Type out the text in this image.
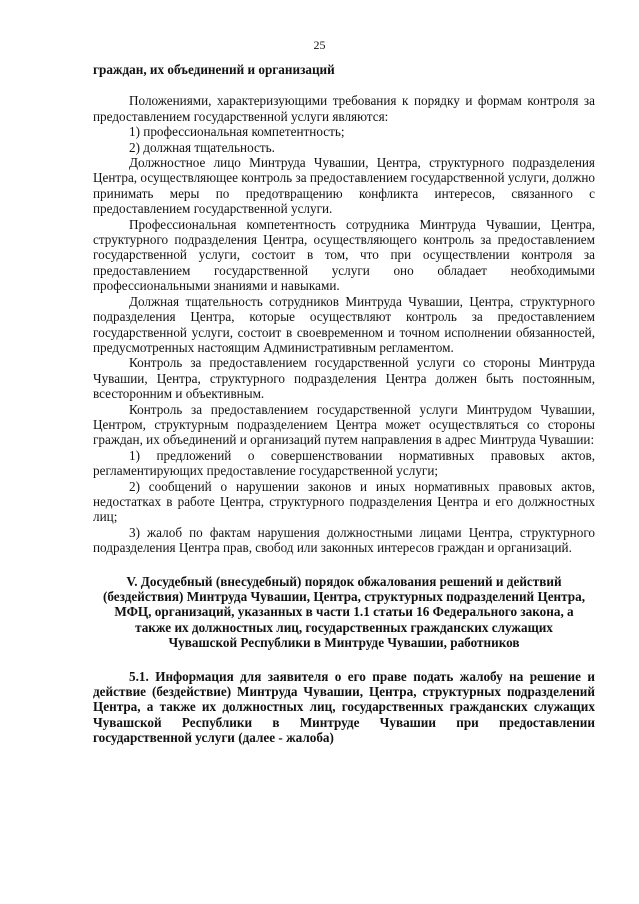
25

граждан, их объединений и организаций

Положениями, характеризующими требования к порядку и формам контроля за предоставлением государственной услуги являются:

1) профессиональная компетентность;

2) должная тщательность.

Должностное лицо Минтруда Чувашии, Центра, структурного подразделения Центра, осуществляющее контроль за предоставлением государственной услуги, должно принимать меры по предотвращению конфликта интересов, связанного с предоставлением государственной услуги.

Профессиональная компетентность сотрудника Минтруда Чувашии, Центра, структурного подразделения Центра, осуществляющего контроль за предоставлением государственной услуги, состоит в том, что при осуществлении контроля за предоставлением государственной услуги оно обладает необходимыми профессиональными знаниями и навыками.

Должная тщательность сотрудников Минтруда Чувашии, Центра, структурного подразделения Центра, которые осуществляют контроль за предоставлением государственной услуги, состоит в своевременном и точном исполнении обязанностей, предусмотренных настоящим Административным регламентом.

Контроль за предоставлением государственной услуги со стороны Минтруда Чувашии, Центра, структурного подразделения Центра должен быть постоянным, всесторонним и объективным.

Контроль за предоставлением государственной услуги Минтрудом Чувашии, Центром, структурным подразделением Центра может осуществляться со стороны граждан, их объединений и организаций путем направления в адрес Минтруда Чувашии:

1) предложений о совершенствовании нормативных правовых актов, регламентирующих предоставление государственной услуги;

2) сообщений о нарушении законов и иных нормативных правовых актов, недостатках в работе Центра, структурного подразделения Центра и его должностных лиц;

3) жалоб по фактам нарушения должностными лицами Центра, структурного подразделения Центра прав, свобод или законных интересов граждан и организаций.

V. Досудебный (внесудебный) порядок обжалования решений и действий (бездействия) Минтруда Чувашии, Центра, структурных подразделений Центра, МФЦ, организаций, указанных в части 1.1 статьи 16 Федерального закона, а также их должностных лиц, государственных гражданских служащих Чувашской Республики в Минтруде Чувашии, работников

5.1. Информация для заявителя о его праве подать жалобу на решение и действие (бездействие) Минтруда Чувашии, Центра, структурных подразделений Центра, а также их должностных лиц, государственных гражданских служащих Чувашской Республики в Минтруде Чувашии при предоставлении государственной услуги (далее - жалоба)
